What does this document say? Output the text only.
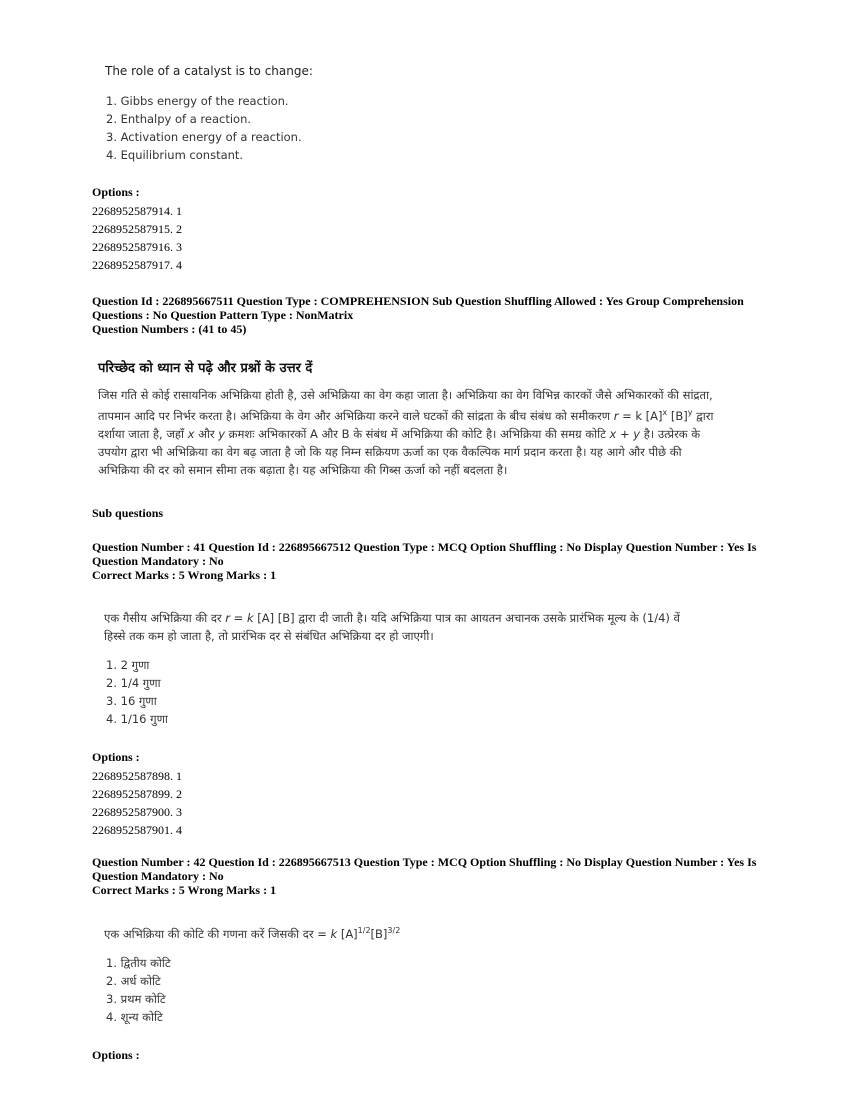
The role of a catalyst is to change:
1. Gibbs energy of the reaction.
2. Enthalpy of a reaction.
3. Activation energy of a reaction.
4. Equilibrium constant.
Options :
2268952587914. 1
2268952587915. 2
2268952587916. 3
2268952587917. 4
Question Id : 226895667511 Question Type : COMPREHENSION Sub Question Shuffling Allowed : Yes Group Comprehension
Questions : No Question Pattern Type : NonMatrix
Question Numbers : (41 to 45)
परिच्छेद को ध्यान से पढ़े और प्रश्नों के उत्तर दें
जिस गति से कोई रासायनिक अभिक्रिया होती है, उसे अभिक्रिया का वेग कहा जाता है। अभिक्रिया का वेग विभिन्न कारकों जैसे अभिकारकों की सांद्रता,
तापमान आदि पर निर्भर करता है। अभिक्रिया के वेग और अभिक्रिया करने वाले घटकों की सांद्रता के बीच संबंध को समीकरण r = k $[A]^x$ $[B]^y$ द्वारा
दर्शाया जाता है, जहाँ x और y क्रमशः अभिकारकों A और B के संबंध में अभिक्रिया की कोटि है। अभिक्रिया की समग्र कोटि x + y है। उत्प्रेरक के
उपयोग द्वारा भी अभिक्रिया का वेग बढ़ जाता है जो कि यह निम्न सक्रियण ऊर्जा का एक वैकल्पिक मार्ग प्रदान करता है। यह आगे और पीछे की
अभिक्रिया की दर को समान सीमा तक बढ़ाता है। यह अभिक्रिया की गिब्स ऊर्जा को नहीं बदलता है।
Sub questions
Question Number : 41 Question Id : 226895667512 Question Type : MCQ Option Shuffling : No Display Question Number : Yes Is
Question Mandatory : No
Correct Marks : 5 Wrong Marks : 1
एक गैसीय अभिक्रिया की दर r = k [A] [B] द्वारा दी जाती है। यदि अभिक्रिया पात्र का आयतन अचानक उसके प्रारंभिक मूल्य के (1/4) वें
हिस्से तक कम हो जाता है, तो प्रारंभिक दर से संबंधित अभिक्रिया दर हो जाएगी।
1. 2 गुणा
2. 1/4 गुणा
3. 16 गुणा
4. 1/16 गुणा
Options :
2268952587898. 1
2268952587899. 2
2268952587900. 3
2268952587901. 4
Question Number : 42 Question Id : 226895667513 Question Type : MCQ Option Shuffling : No Display Question Number : Yes Is
Question Mandatory : No
Correct Marks : 5 Wrong Marks : 1
एक अभिक्रिया की कोटि की गणना करें जिसकी दर = k $[A]^{1/2}[B]^{3/2}$
1. द्वितीय कोटि
2. अर्ध कोटि
3. प्रथम कोटि
4. शून्य कोटि
Options :
